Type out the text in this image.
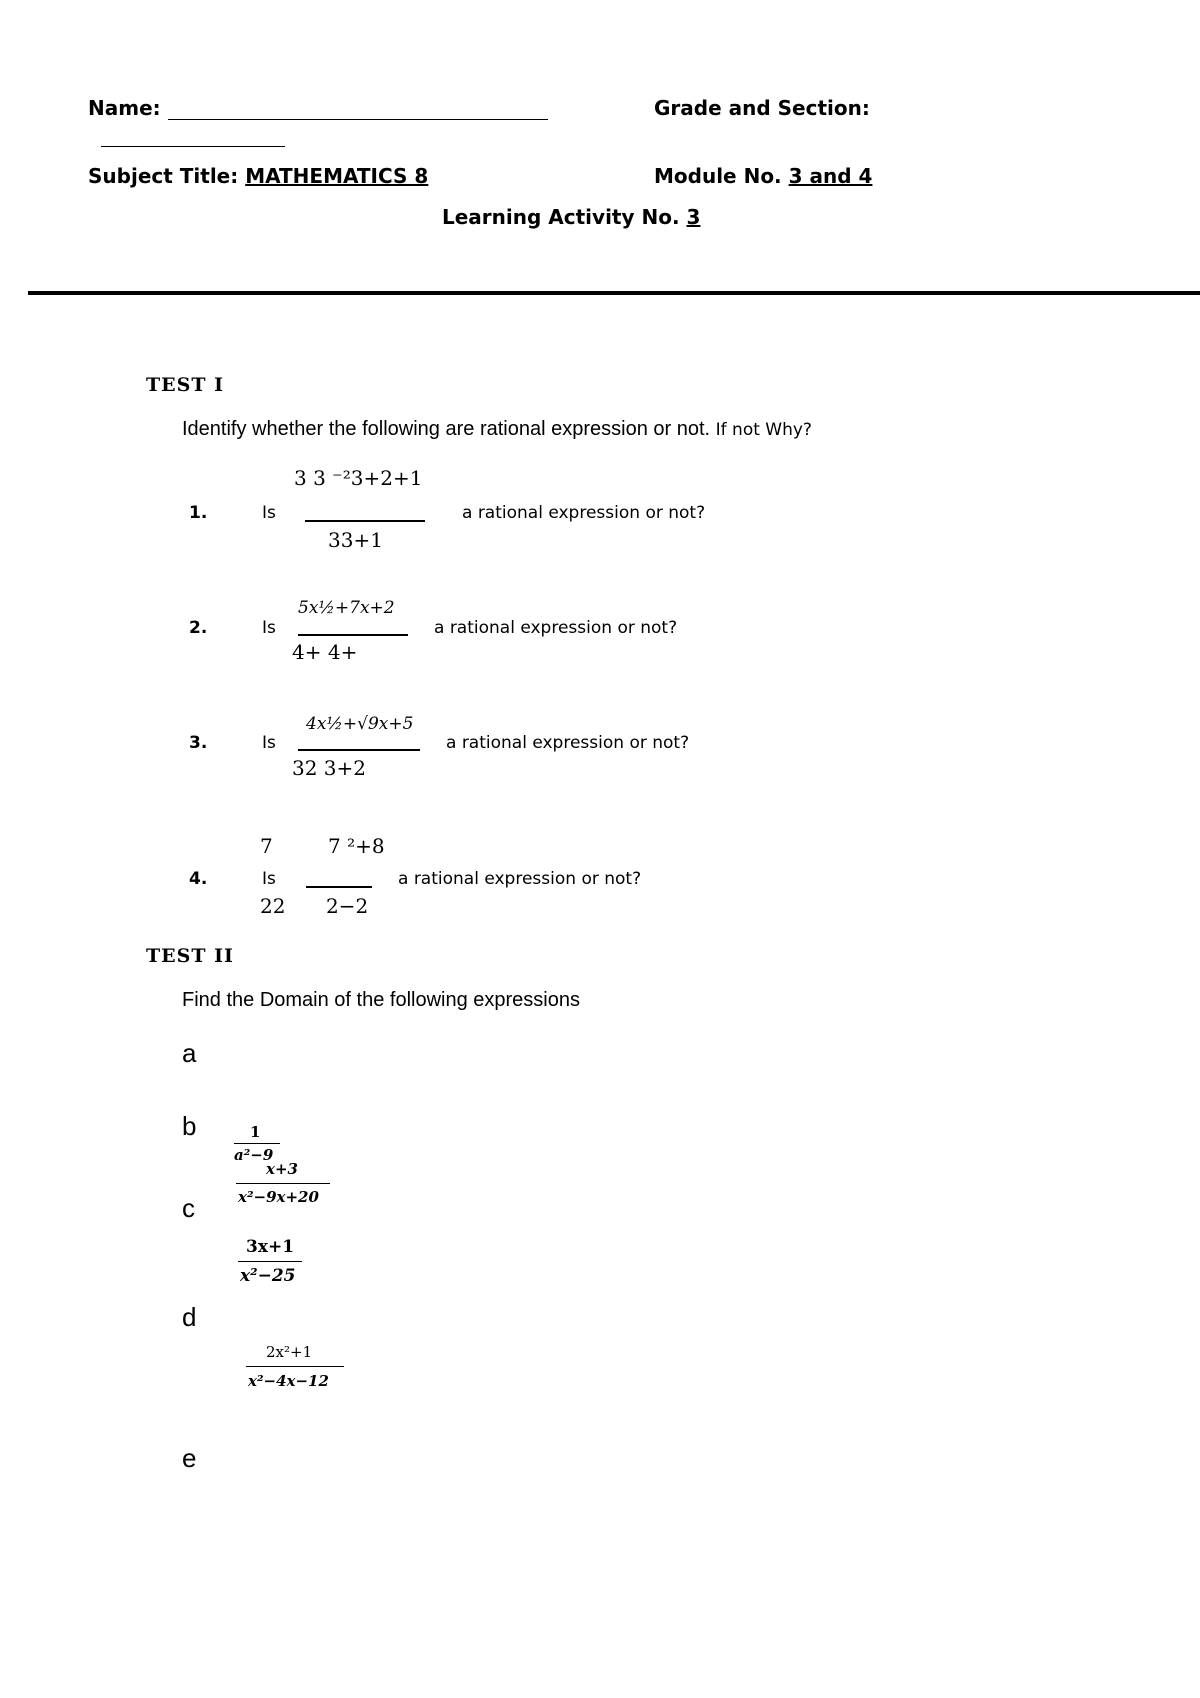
Name:	Grade and Section:
Subject Title: MATHEMATICS 8	Module No. 3 and 4
Learning Activity No. 3
TEST I
Identify whether the following are rational expression or not. If not Why?
1.	Is
3 3 ⁻²3+2+1
33+1
a rational expression or not?
2.	Is
5x½+7x+2
4+ 4+
a rational expression or not?
3.	Is
4x½+√9x+5
32 3+2
a rational expression or not?
4.
7
Is
22
7 ²+8
2−2
a rational expression or not?
TEST II
Find the Domain of the following expressions
a
b
c
d
e
1
a²−9
x+3
x²−9x+20
3x+1
x²−25
2x²+1
x²−4x−12
